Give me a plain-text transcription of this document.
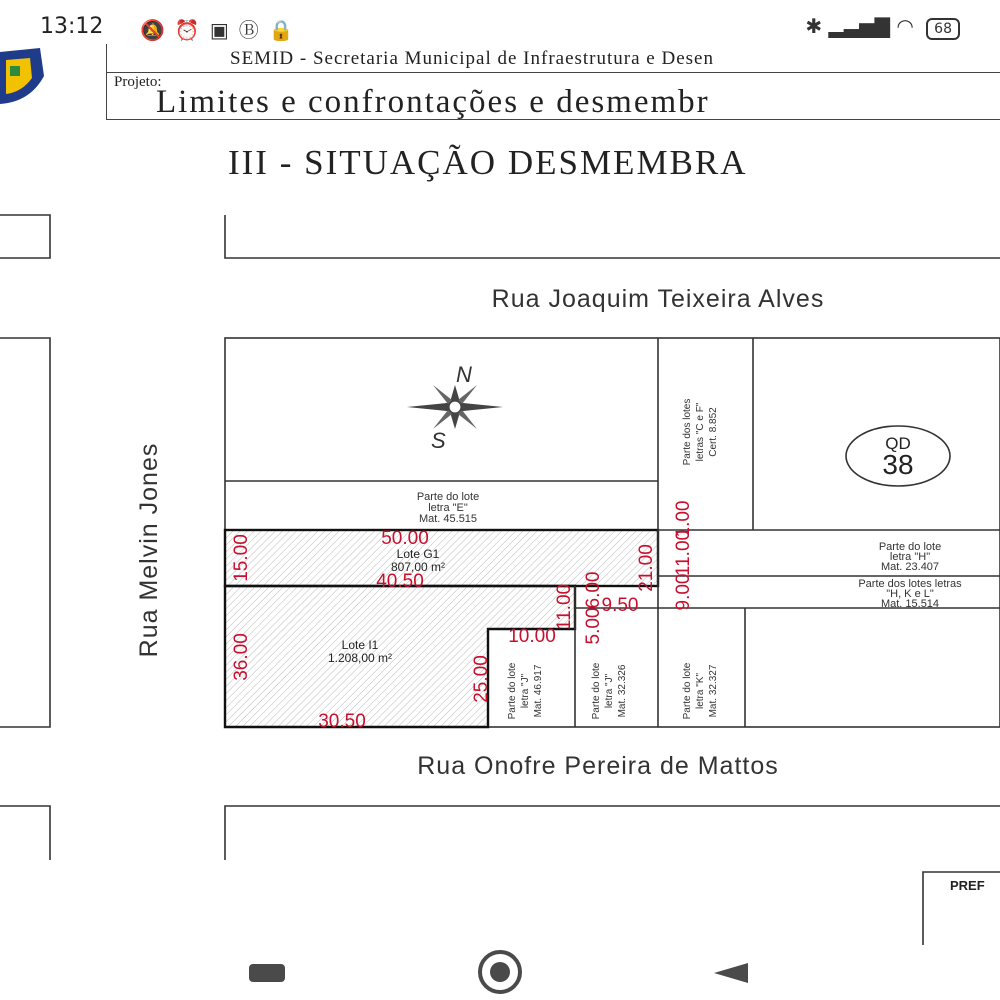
13:12 🔕⏰▣Ⓑ🔒	✱ ▂▃▅▇ ◠ 68
SEMID - Secretaria Municipal de Infraestrutura e Desen
Projeto:
Limites e confrontações e desmembr
III - SITUAÇÃO DESMEMBRA
N
S	QD
38
Rua Joaquim Teixeira Alves
Rua Onofre Pereira de Mattos
Rua Melvin Jones	Parte do lote
letra "E"
Mat. 45.515
Parte do lote
letra "H"
Mat. 23.407
Parte dos lotes letras
"H, K e L"
Mat. 15.514
Lote G1
807,00 m²
Lote I1
1.208,00 m²
Parte dos lotes letras "C e F" Cert. 8.852
Parte do lote letra "J" Mat. 46.917	Parte do lote letra "J" Mat. 32.326	Parte do lote letra "K" Mat. 32.327
50.00
40.50
30.50
10.00
9.50
15.00
36.00	25.00
11.00 6.00
5.00
1.00
11.00
21.00
9.00
PREF
